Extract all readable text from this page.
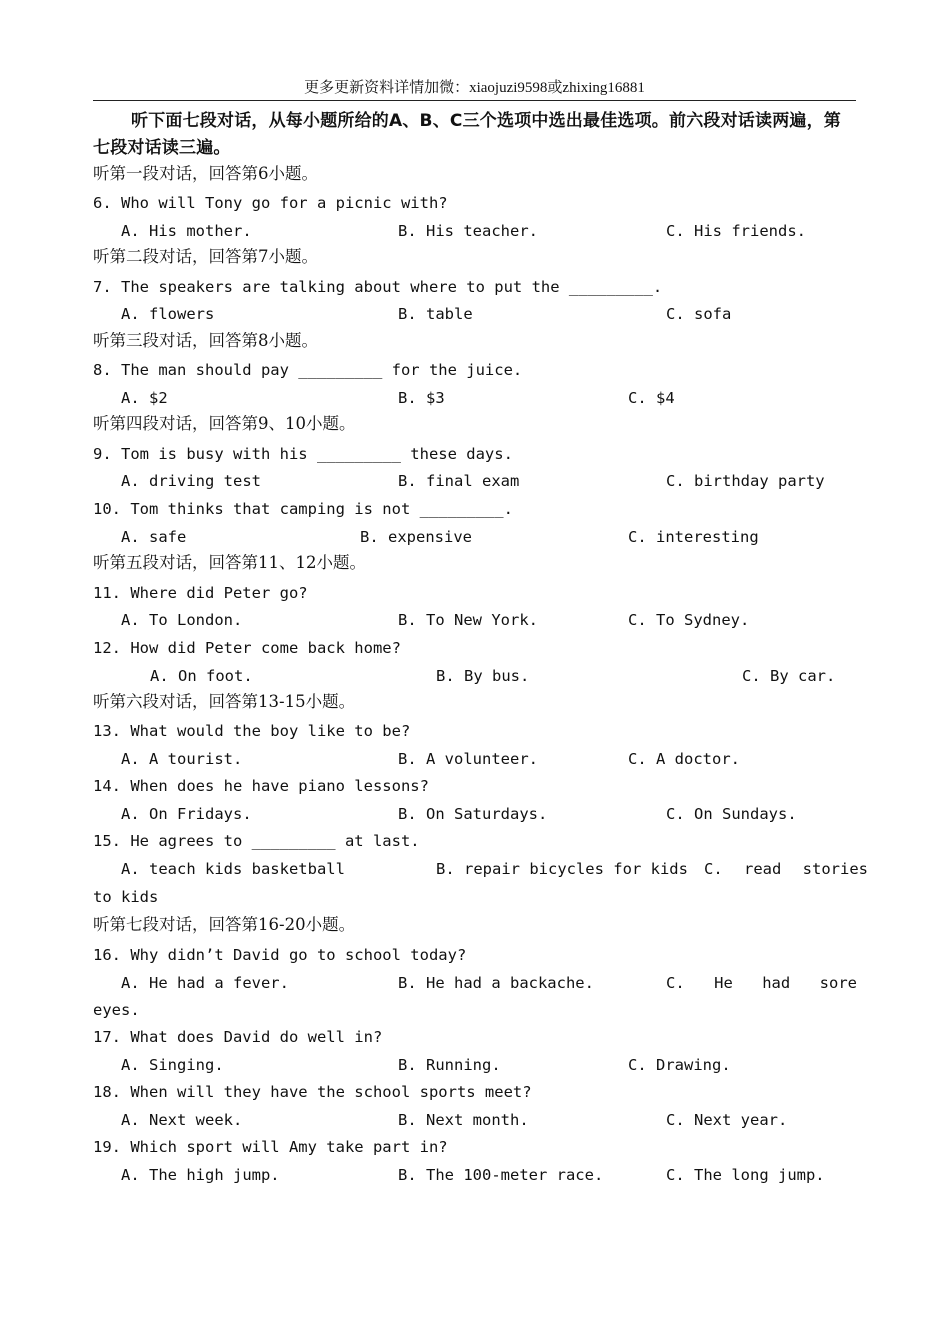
更多更新资料详情加微：xiaojuzi9598或zhixing16881
听下面七段对话，从每小题所给的A、B、C三个选项中选出最佳选项。前六段对话读两遍，第七段对话读三遍。
听第一段对话，回答第6小题。
6. Who will Tony go for a picnic with?
A. His mother.	B. His teacher.	C. His friends.
听第二段对话，回答第7小题。
7. The speakers are talking about where to put the _________.
A. flowers	B. table	C. sofa
听第三段对话，回答第8小题。
8. The man should pay _________ for the juice.
A. $2	B. $3	C. $4
听第四段对话，回答第9、10小题。
9. Tom is busy with his _________ these days.
A. driving test	B. final exam	C. birthday party
10. Tom thinks that camping is not _________.
A. safe	B. expensive	C. interesting
听第五段对话，回答第11、12小题。
11. Where did Peter go?
A. To London.	B. To New York.	C. To Sydney.
12. How did Peter come back home?
A. On foot.	B. By bus.	C. By car.
听第六段对话，回答第13-15小题。
13. What would the boy like to be?
A. A tourist.	B. A volunteer.	C. A doctor.
14. When does he have piano lessons?
A. On Fridays.	B. On Saturdays.	C. On Sundays.
15. He agrees to _________ at last.
A. teach kids basketball	B. repair bicycles for kids C. read stories
to kids
听第七段对话，回答第16-20小题。
16. Why didn’t David go to school today?
A. He had a fever.	B. He had a backache.	C. He had sore
eyes.
17. What does David do well in?
A. Singing.	B. Running.	C. Drawing.
18. When will they have the school sports meet?
A. Next week.	B. Next month.	C. Next year.
19. Which sport will Amy take part in?
A. The high jump.	B. The 100-meter race.	C. The long jump.
